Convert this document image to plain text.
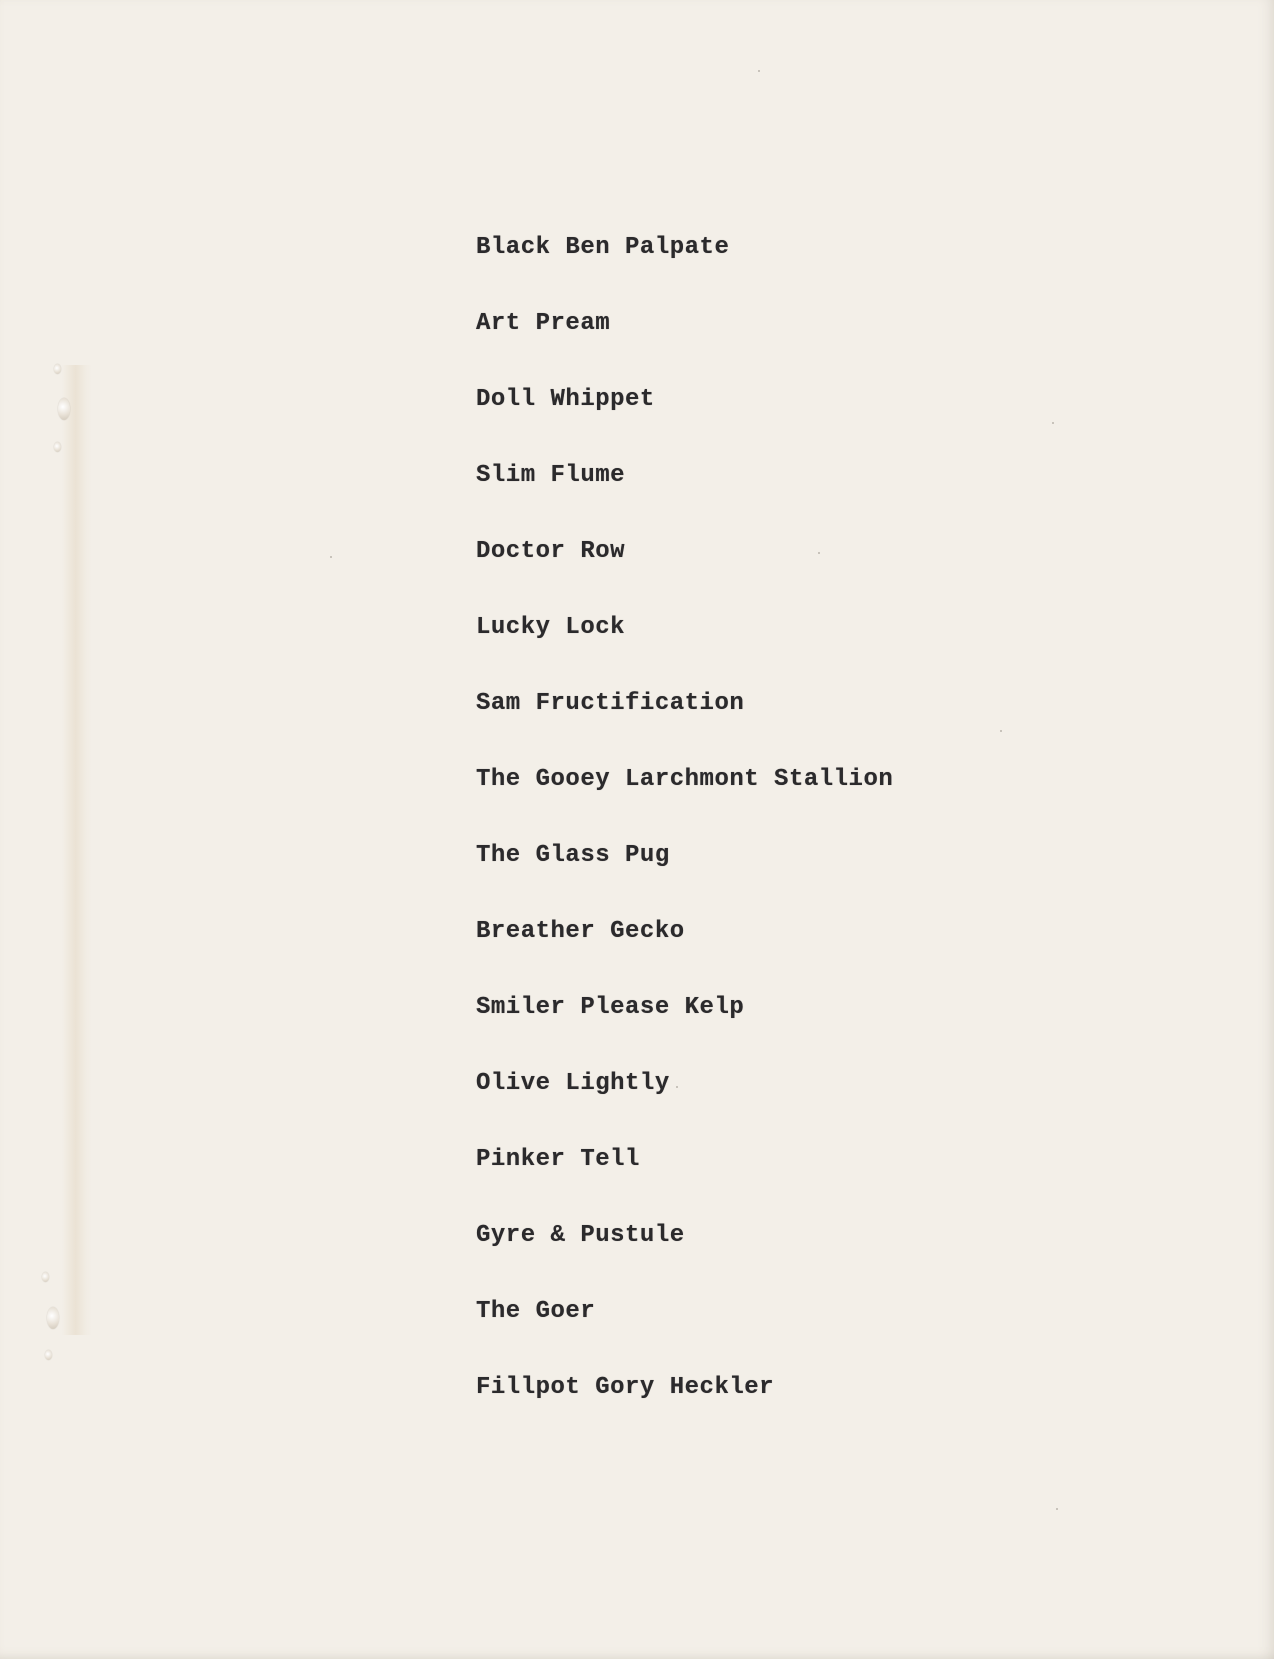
Black Ben Palpate
Art Pream
Doll Whippet
Slim Flume
Doctor Row
Lucky Lock
Sam Fructification
The Gooey Larchmont Stallion
The Glass Pug
Breather Gecko
Smiler Please Kelp
Olive Lightly
Pinker Tell
Gyre & Pustule
The Goer
Fillpot Gory Heckler
